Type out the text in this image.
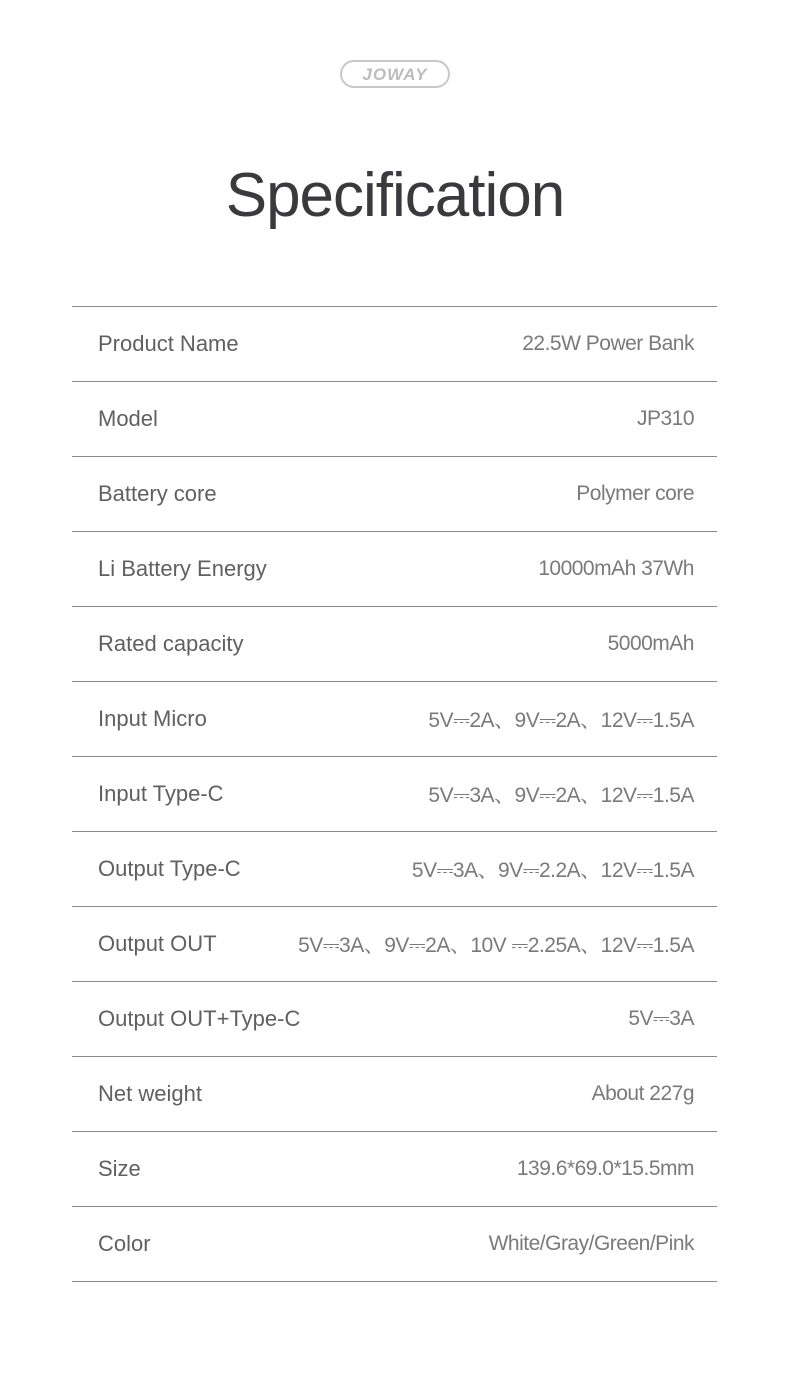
JOWAY
Specification
Product Name	22.5W Power Bank
Model	JP310
Battery core	Polymer core
Li Battery Energy	10000mAh 37Wh
Rated capacity	5000mAh
Input Micro	5V⎓2A、9V⎓2A、12V⎓1.5A
Input Type-C	5V⎓3A、9V⎓2A、12V⎓1.5A
Output Type-C	5V⎓3A、9V⎓2.2A、12V⎓1.5A
Output OUT	5V⎓3A、9V⎓2A、10V ⎓2.25A、12V⎓1.5A
Output OUT+Type-C	5V⎓3A
Net weight	About 227g
Size	139.6*69.0*15.5mm
Color	White/Gray/Green/Pink
